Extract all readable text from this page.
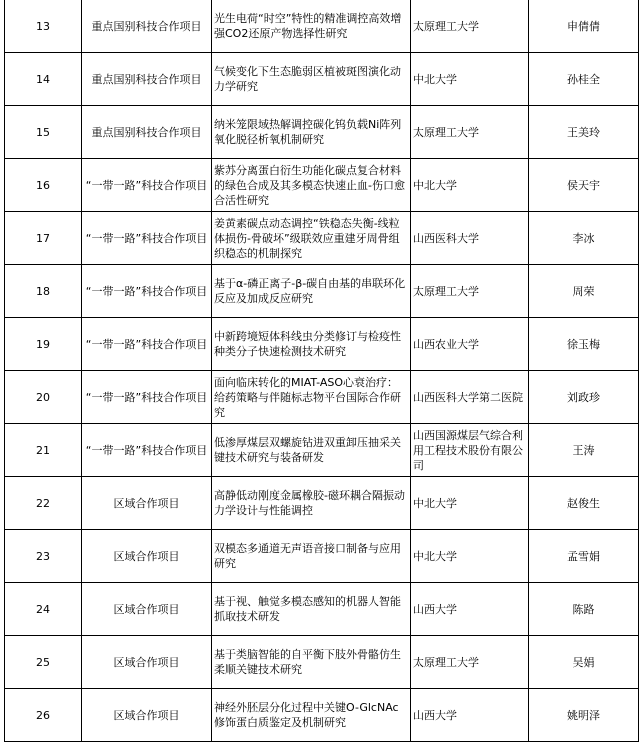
13	重点国别科技合作项目	光生电荷“时空”特性的精准调控高效增强CO2还原产物选择性研究	太原理工大学	申倩倩
14	重点国别科技合作项目	气候变化下生态脆弱区植被斑图演化动力学研究	中北大学	孙桂全
15	重点国别科技合作项目	纳米笼限域热解调控碳化钨负载Ni阵列氧化脱径析氧机制研究	太原理工大学	王美玲
16	“一带一路”科技合作项目	紫苏分离蛋白衍生功能化碳点复合材料的绿色合成及其多模态快速止血-伤口愈合活性研究	中北大学	侯天宇
17	“一带一路”科技合作项目	姜黄素碳点动态调控“铁稳态失衡-线粒体损伤-骨破坏”级联效应重建牙周骨组织稳态的机制探究	山西医科大学	李冰
18	“一带一路”科技合作项目	基于α-磷正离子-β-碳自由基的串联环化反应及加成反应研究	太原理工大学	周荣
19	“一带一路”科技合作项目	中新跨境短体科线虫分类修订与检疫性种类分子快速检测技术研究	山西农业大学	徐玉梅
20	“一带一路”科技合作项目	面向临床转化的MIAT-ASO心衰治疗：给药策略与伴随标志物平台国际合作研究	山西医科大学第二医院	刘政珍
21	“一带一路”科技合作项目	低渗厚煤层双螺旋钻进双重卸压抽采关键技术研究与装备研发	山西国源煤层气综合利用工程技术股份有限公司	王涛
22	区域合作项目	高静低动刚度金属橡胶-磁环耦合隔振动力学设计与性能调控	中北大学	赵俊生
23	区域合作项目	双模态多通道无声语音接口制备与应用研究	中北大学	孟雪娟
24	区域合作项目	基于视、触觉多模态感知的机器人智能抓取技术研发	山西大学	陈路
25	区域合作项目	基于类脑智能的自平衡下肢外骨骼仿生柔顺关键技术研究	太原理工大学	吴娟
26	区域合作项目	神经外胚层分化过程中关键O-GlcNAc修饰蛋白质鉴定及机制研究	山西大学	姚明泽
